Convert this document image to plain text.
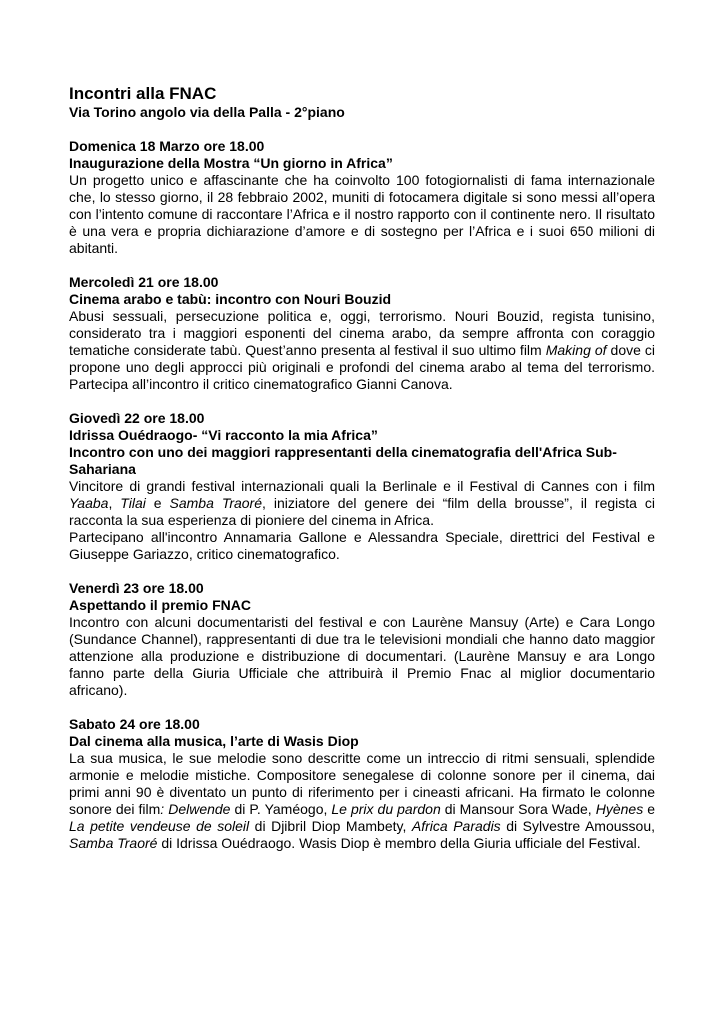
Incontri alla FNAC

Via Torino angolo via della Palla - 2°piano

Domenica 18 Marzo ore 18.00

Inaugurazione della Mostra “Un giorno in Africa”

Un progetto unico e affascinante che ha coinvolto 100 fotogiornalisti di fama internazionale che, lo stesso giorno, il 28 febbraio 2002, muniti di fotocamera digitale si sono messi all’opera con l’intento comune di raccontare l’Africa e il nostro rapporto con il continente nero. Il risultato è una vera e propria dichiarazione d’amore e di sostegno per l’Africa e i suoi 650 milioni di abitanti.

Mercoledì 21 ore 18.00

Cinema arabo e tabù: incontro con Nouri Bouzid

Abusi sessuali, persecuzione politica e, oggi, terrorismo. Nouri Bouzid, regista tunisino, considerato tra i maggiori esponenti del cinema arabo, da sempre affronta con coraggio tematiche considerate tabù. Quest’anno presenta al festival il suo ultimo film Making of dove ci propone uno degli approcci più originali e profondi del cinema arabo al tema del terrorismo. Partecipa all’incontro il critico cinematografico Gianni Canova.

Giovedì 22 ore 18.00

Idrissa Ouédraogo- “Vi racconto la mia Africa”

Incontro con uno dei maggiori rappresentanti della cinematografia dell'Africa Sub-Sahariana

Vincitore di grandi festival internazionali quali la Berlinale e il Festival di Cannes con i film Yaaba, Tilai e Samba Traoré, iniziatore del genere dei “film della brousse”, il regista ci racconta la sua esperienza di pioniere del cinema in Africa.

Partecipano all'incontro Annamaria Gallone e Alessandra Speciale, direttrici del Festival e Giuseppe Gariazzo, critico cinematografico.

Venerdì 23 ore 18.00

Aspettando il premio FNAC

Incontro con alcuni documentaristi del festival e con Laurène Mansuy (Arte) e Cara Longo (Sundance Channel), rappresentanti di due tra le televisioni mondiali che hanno dato maggior attenzione alla produzione e distribuzione di documentari. (Laurène Mansuy e ara Longo fanno parte della Giuria Ufficiale che attribuirà il Premio Fnac al miglior documentario africano).

Sabato 24 ore 18.00

Dal cinema alla musica, l’arte di Wasis Diop

La sua musica, le sue melodie sono descritte come un intreccio di ritmi sensuali, splendide armonie e melodie mistiche. Compositore senegalese di colonne sonore per il cinema, dai primi anni 90 è diventato un punto di riferimento per i cineasti africani. Ha firmato le colonne sonore dei film: Delwende di P. Yaméogo, Le prix du pardon di Mansour Sora Wade, Hyènes e La petite vendeuse de soleil di Djibril Diop Mambety, Africa Paradis di Sylvestre Amoussou, Samba Traoré di Idrissa Ouédraogo. Wasis Diop è membro della Giuria ufficiale del Festival.
